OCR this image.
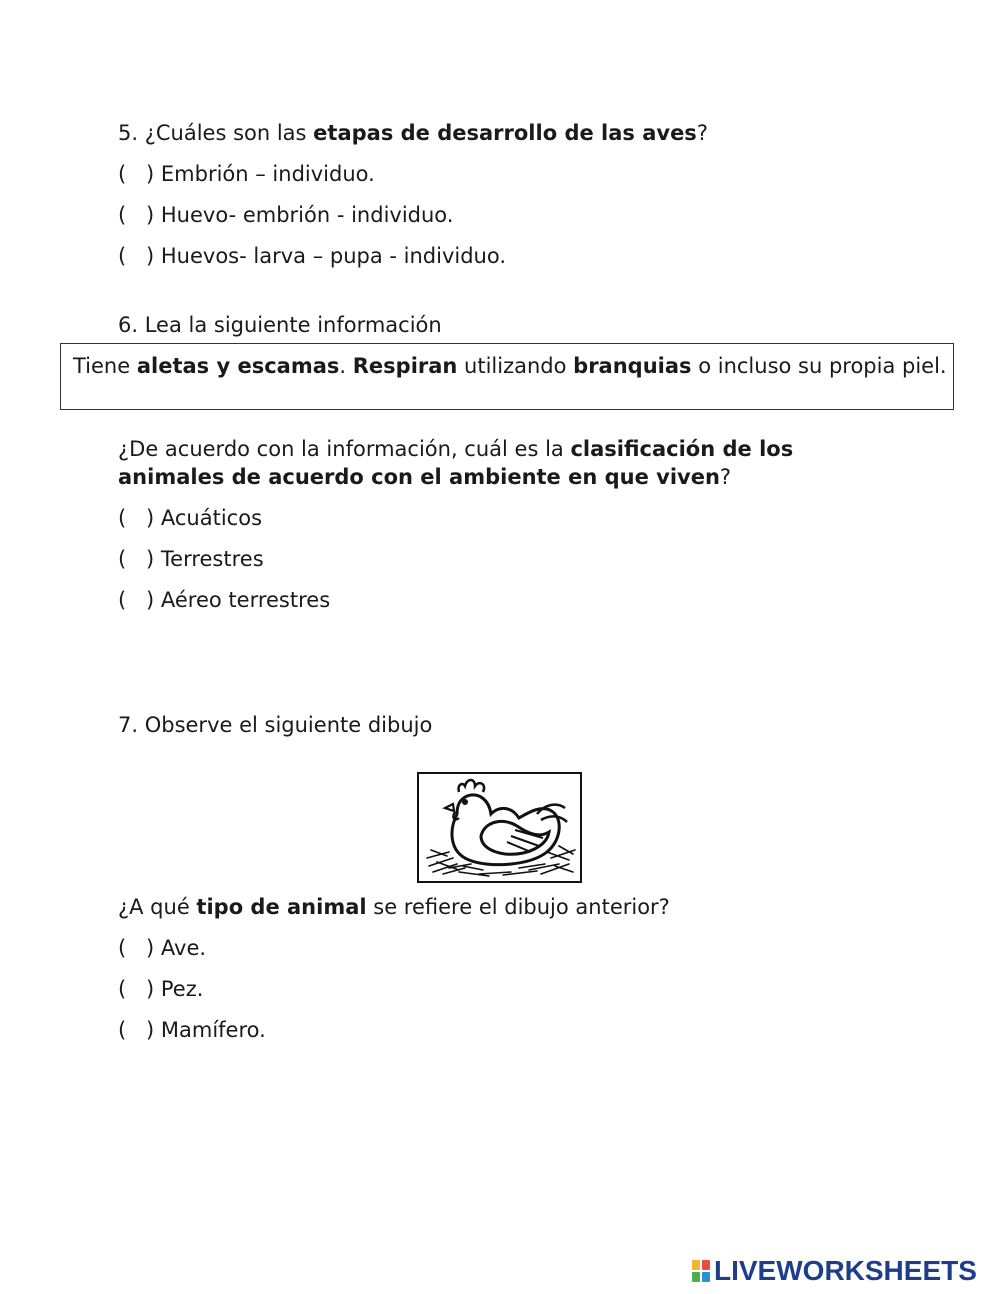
5. ¿Cuáles son las etapas de desarrollo de las aves?
( ) Embrión – individuo.
( ) Huevo- embrión - individuo.
( ) Huevos- larva – pupa - individuo.
6. Lea la siguiente información
Tiene aletas y escamas. Respiran utilizando branquias o incluso su propia piel.
¿De acuerdo con la información, cuál es la clasificación de los
animales de acuerdo con el ambiente en que viven?
( ) Acuáticos
( ) Terrestres
( ) Aéreo terrestres
7. Observe el siguiente dibujo
¿A qué tipo de animal se refiere el dibujo anterior?
( ) Ave.
( ) Pez.
( ) Mamífero.
LIVEWORKSHEETS
